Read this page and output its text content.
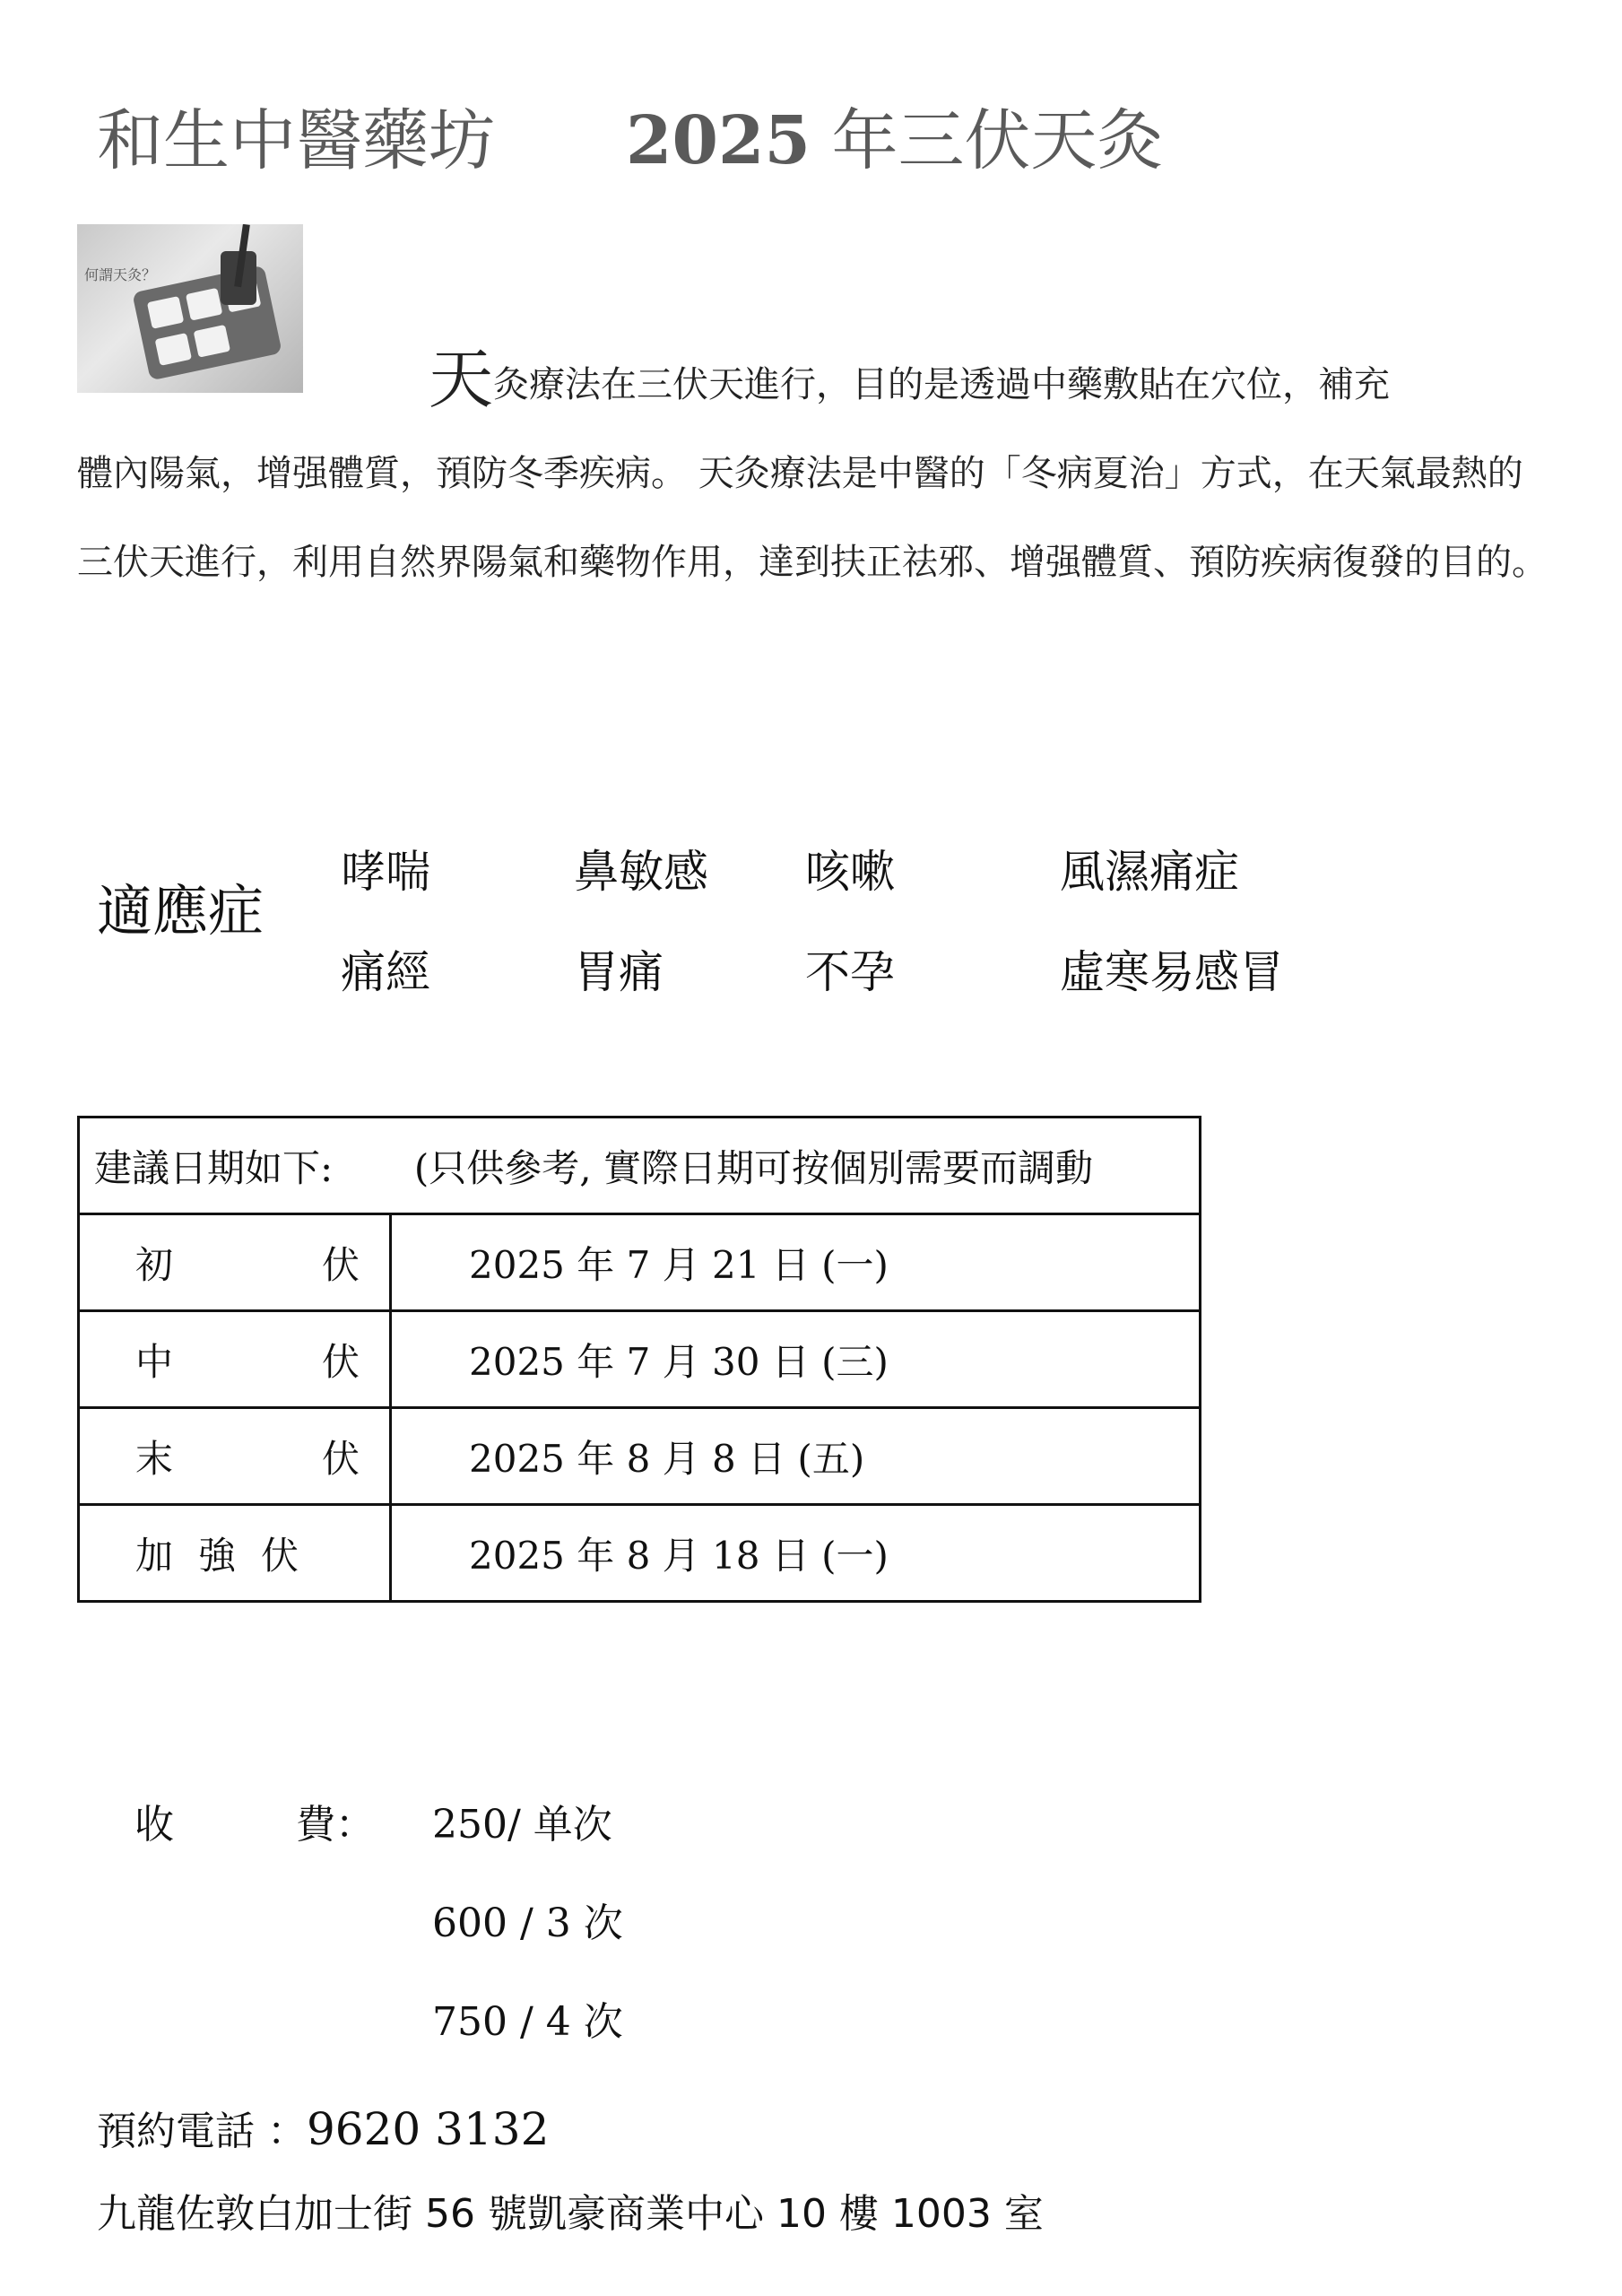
和生中醫藥坊 2025 年三伏天灸
何謂天灸？
天灸療法在三伏天進行，目的是透過中藥敷貼在穴位，補充
體內陽氣，增强體質，預防冬季疾病。 天灸療法是中醫的「冬病夏治」方式，在天氣最熱的三伏天進行，利用自然界陽氣和藥物作用，達到扶正祛邪、增强體質、預防疾病復發的目的。
適應症
哮喘	鼻敏感 咳嗽	風濕痛症
痛經	胃痛	不孕	虛寒易感冒
建議日期如下: (只供參考, 實際日期可按個別需要而調動	

初 伏	2025 年 7 月 21 日 (一)

中 伏	2025 年 7 月 30 日 (三)

末 伏	2025 年 8 月 8 日 (五)

加強伏	2025 年 8 月 18 日 (一)
收	費： 250/ 单次
600 / 3 次
750 / 4 次
預約電話 ：9620 3132
九龍佐敦白加士街 56 號凱豪商業中心 10 樓 1003 室
